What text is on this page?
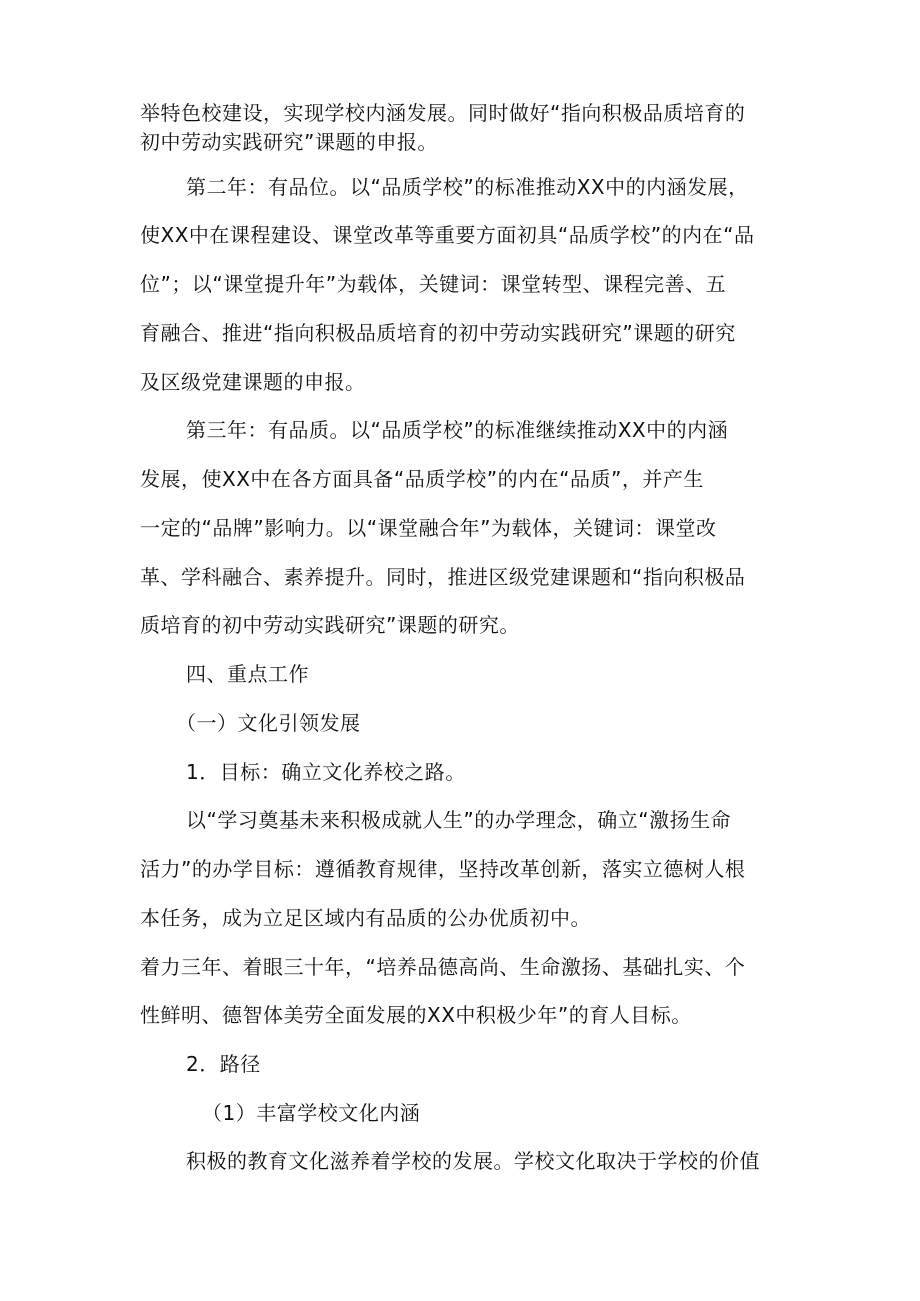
举特色校建设，实现学校内涵发展。同时做好“指向积极品质培育的
初中劳动实践研究”课题的申报。
第二年：有品位。以“品质学校”的标准推动XX中的内涵发展，
使XX中在课程建设、课堂改革等重要方面初具“品质学校”的内在“品
位”；以“课堂提升年”为载体，关键词：课堂转型、课程完善、五
育融合、推进“指向积极品质培育的初中劳动实践研究”课题的研究
及区级党建课题的申报。
第三年：有品质。以“品质学校”的标准继续推动XX中的内涵
发展，使XX中在各方面具备“品质学校”的内在“品质”，并产生
一定的“品牌”影响力。以“课堂融合年”为载体，关键词：课堂改
革、学科融合、素养提升。同时，推进区级党建课题和“指向积极品
质培育的初中劳动实践研究”课题的研究。
四、重点工作
（一）文化引领发展
1．目标：确立文化养校之路。
以“学习奠基未来积极成就人生”的办学理念，确立“激扬生命
活力”的办学目标：遵循教育规律，坚持改革创新，落实立德树人根
本任务，成为立足区域内有品质的公办优质初中。
着力三年、着眼三十年，“培养品德高尚、生命激扬、基础扎实、个
性鲜明、德智体美劳全面发展的XX中积极少年”的育人目标。
2．路径
（1）丰富学校文化内涵
积极的教育文化滋养着学校的发展。学校文化取决于学校的价值
